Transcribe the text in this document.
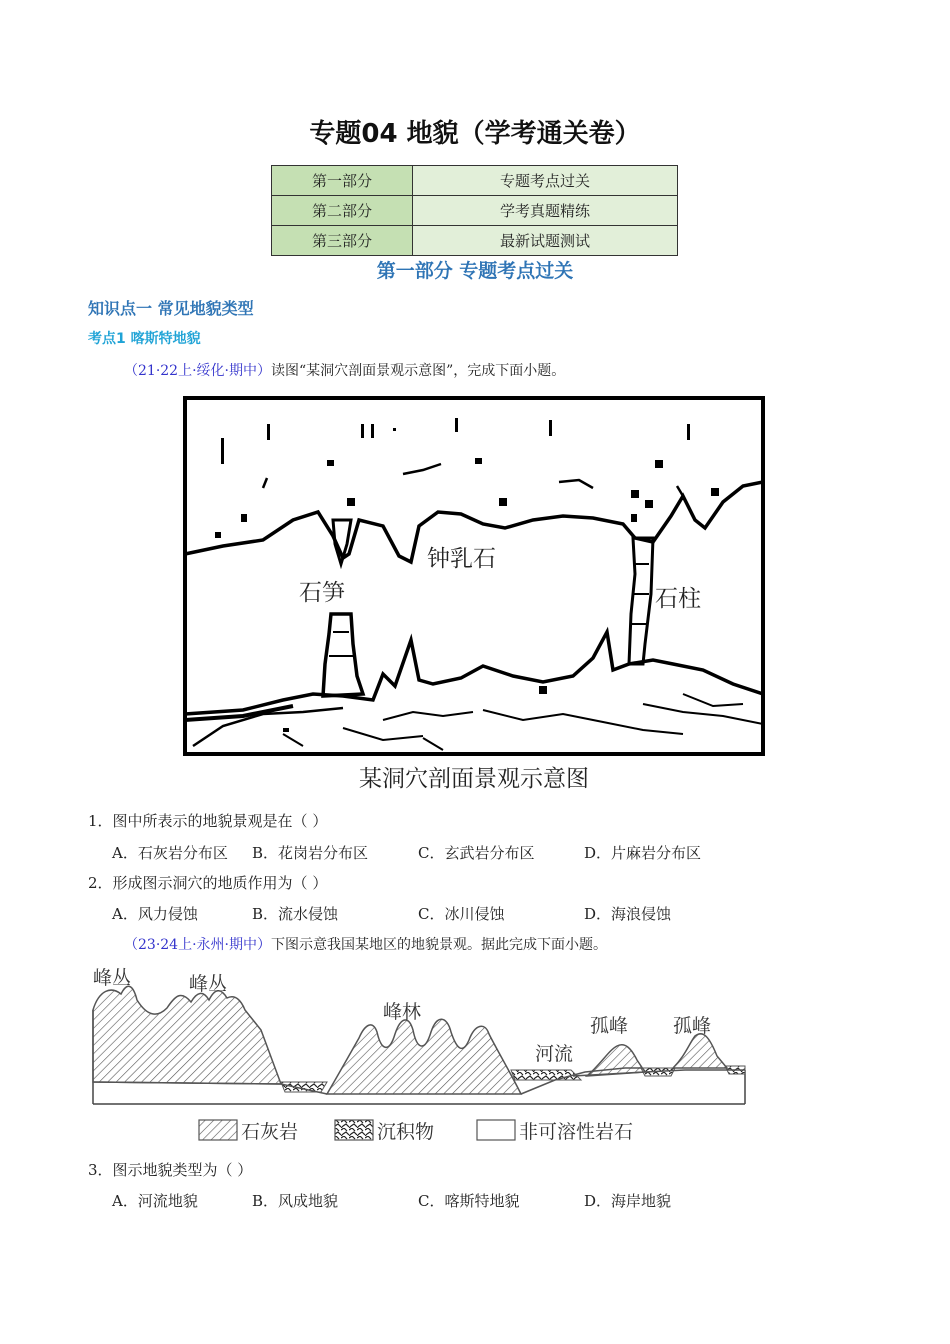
专题04 地貌（学考通关卷）
第一部分	专题考点过关
第二部分	学考真题精练
第三部分	最新试题测试
第一部分 专题考点过关
知识点一 常见地貌类型
考点1 喀斯特地貌
（21·22上·绥化·期中）读图“某洞穴剖面景观示意图”，完成下面小题。
钟乳石
石笋	石柱
某洞穴剖面景观示意图
1．图中所表示的地貌景观是在（ ）
A．石灰岩分布区 B．花岗岩分布区	C．玄武岩分布区	D．片麻岩分布区
2．形成图示洞穴的地质作用为（ ）
A．风力侵蚀	B．流水侵蚀	C．冰川侵蚀	D．海浪侵蚀
（23·24上·永州·期中）下图示意我国某地区的地貌景观。据此完成下面小题。
峰丛	峰丛
峰林
河流
孤峰 孤峰
石灰岩	沉积物	非可溶性岩石
3．图示地貌类型为（ ）
A．河流地貌	B．风成地貌	C．喀斯特地貌	D．海岸地貌
